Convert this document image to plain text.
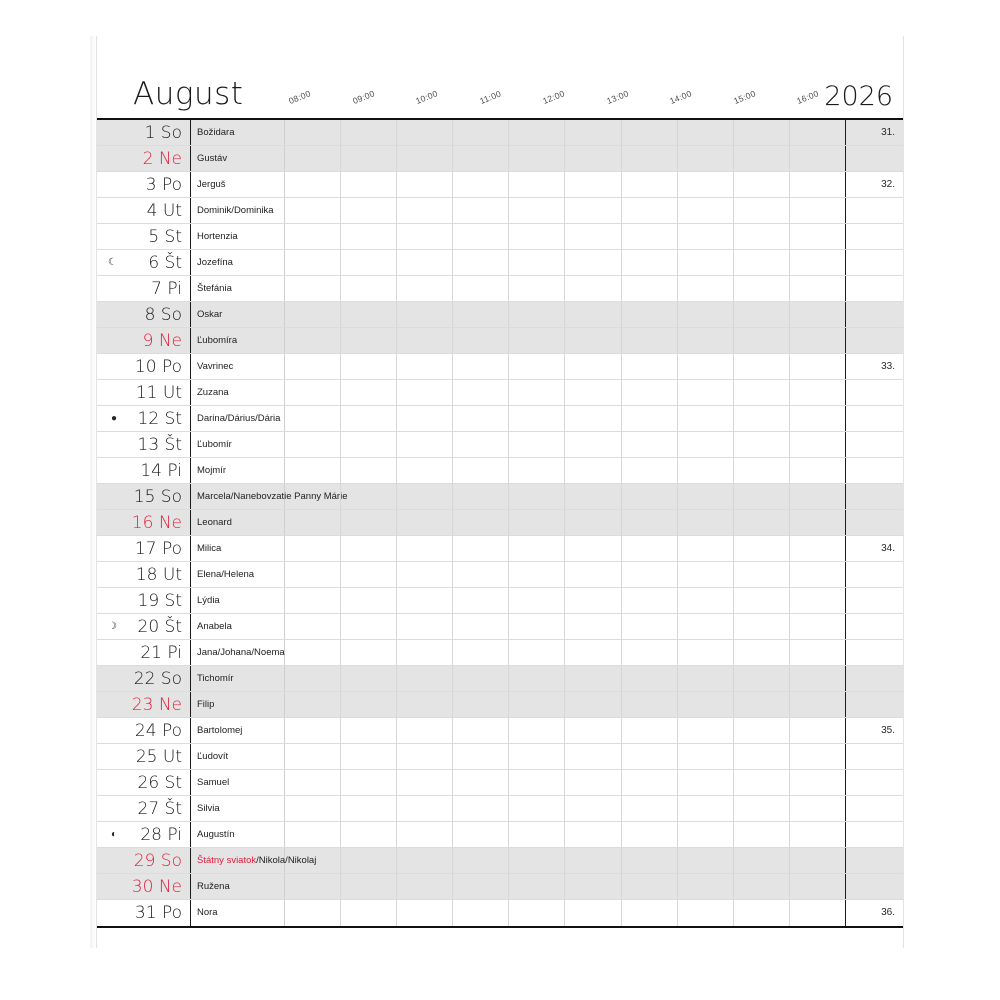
August	08:00	09:00	10:00	11:00	12:00	13:00	14:00	15:00	16:00 2026
1 So	Božidara	31.
2 Ne	Gustáv
3 Po	Jerguš	32.
4 Ut	Dominik/Dominika
5 St	Hortenzia
☾	6 Št	Jozefína
7 Pi	Štefánia
8 So	Oskar
9 Ne	Ľubomíra
10 Po	Vavrinec	33.
11 Ut	Zuzana
●	12 St	Darina/Dárius/Dária
13 Št	Ľubomír
14 Pi	Mojmír
15 So	Marcela/Nanebovzatie Panny Márie
16 Ne	Leonard
17 Po	Milica	34.
18 Ut	Elena/Helena
19 St	Lýdia
☽	20 Št	Anabela
21 Pi	Jana/Johana/Noema
22 So	Tichomír
23 Ne	Filip
24 Po	Bartolomej	35.
25 Ut	Ľudovít
26 St	Samuel
27 Št	Silvia
◐	28 Pi	Augustín
29 So	Štátny sviatok/Nikola/Nikolaj
30 Ne	Ružena
31 Po	Nora	36.
